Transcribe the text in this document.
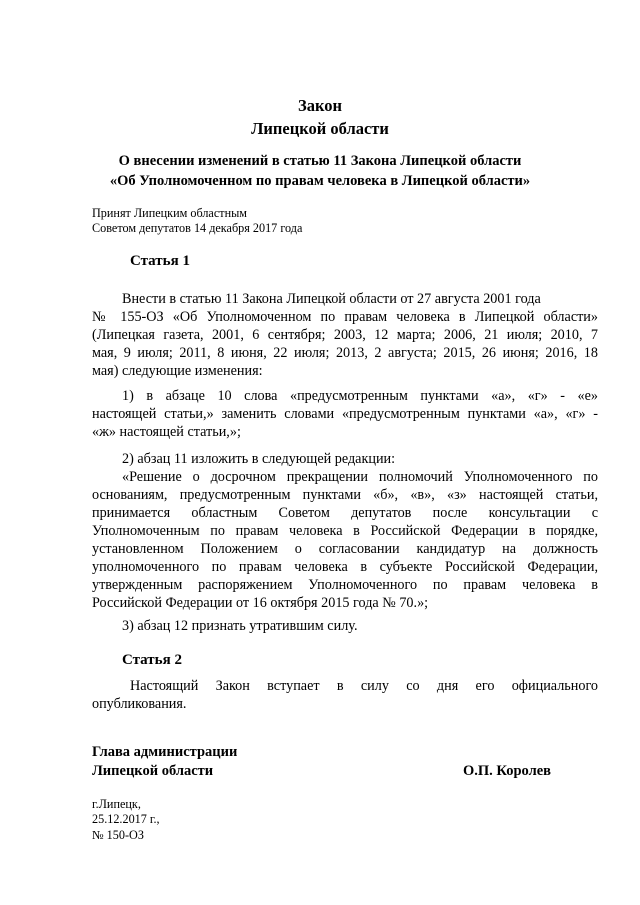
Закон
Липецкой области
О внесении изменений в статью 11 Закона Липецкой области
«Об Уполномоченном по правам человека в Липецкой области»
Принят Липецким областным
Советом депутатов 14 декабря 2017 года
Статья 1
Внести в статью 11 Закона Липецкой области от 27 августа 2001 года
№ 155-ОЗ «Об Уполномоченном по правам человека в Липецкой области»
(Липецкая газета, 2001, 6 сентября; 2003, 12 марта; 2006, 21 июля; 2010, 7
мая, 9 июля; 2011, 8 июня, 22 июля; 2013, 2 августа; 2015, 26 июня; 2016, 18
мая) следующие изменения:
1) в абзаце 10 слова «предусмотренным пунктами «а», «г» - «е»
настоящей статьи,» заменить словами «предусмотренным пунктами «а», «г» -
«ж» настоящей статьи,»;
2) абзац 11 изложить в следующей редакции:
«Решение о досрочном прекращении полномочий Уполномоченного по
основаниям, предусмотренным пунктами «б», «в», «з» настоящей статьи,
принимается областным Советом депутатов после консультации с
Уполномоченным по правам человека в Российской Федерации в порядке,
установленном Положением о согласовании кандидатур на должность
уполномоченного по правам человека в субъекте Российской Федерации,
утвержденным распоряжением Уполномоченного по правам человека в
Российской Федерации от 16 октября 2015 года № 70.»;
3) абзац 12 признать утратившим силу.
Статья 2
Настоящий Закон вступает в силу со дня его официального
опубликования.
Глава администрации
Липецкой области	О.П. Королев
г.Липецк,
25.12.2017 г.,
№ 150-ОЗ
